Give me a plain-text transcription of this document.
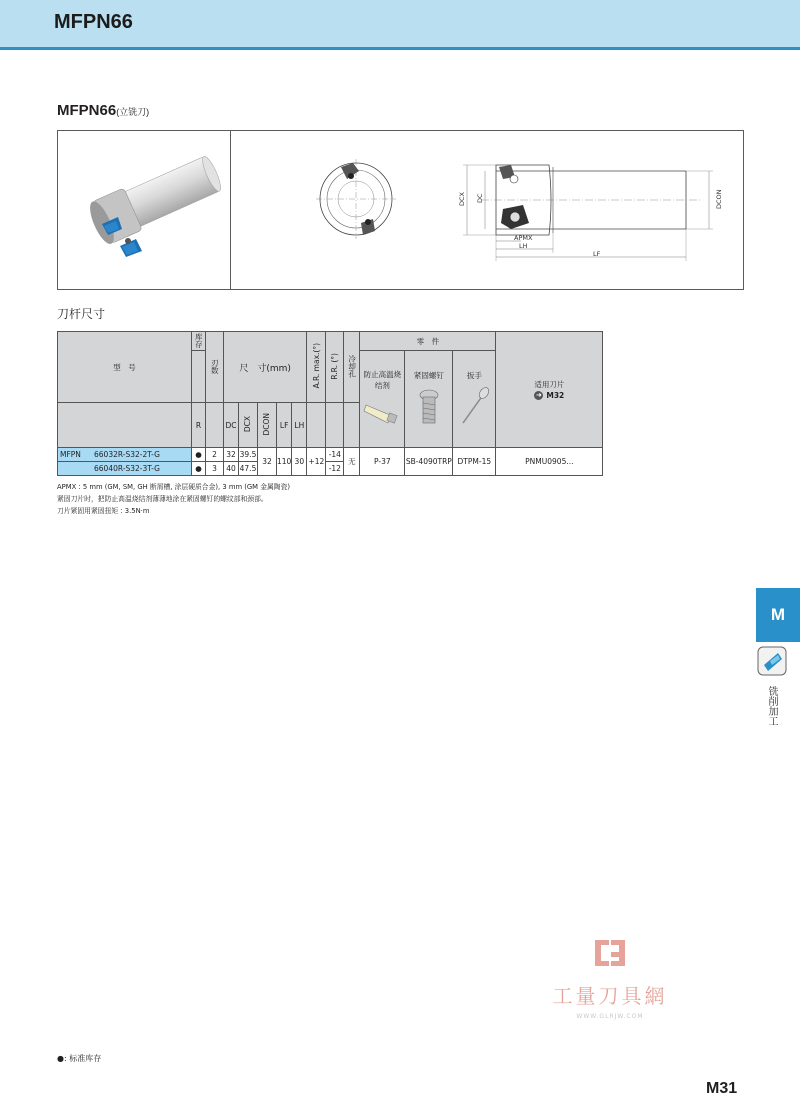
MFPN66
MFPN66(立铣刀)
DCX DC	DCON
APMX
LH
LF
刀杆尺寸
型　号	库存	刃数	尺　寸(mm)					A.R. max.(°)	R.R. (°)	冷却孔	零　件			适用刀片
➜ M32

											防止高温烧结剂	紧固螺钉	扳手	

	R		DC	DCX	DCON	LF	LH							
MFPN 66032R-S32-2T-G	●	2	32	39.5	32	110	30	+12	-14	无	P-37	SB-4090TRP	DTPM-15	PNMU0905...
66040R-S32-3T-G	●	3	40	47.5					-12					
APMX : 5 mm (GM, SM, GH 断屑槽, 涂层硬质合金), 3 mm (GM 金属陶瓷)
紧固刀片时，把防止高温烧结剂薄薄地涂在紧固螺钉的螺纹部和颈部。
刀片紧固用紧固扭矩 : 3.5N·m
M
铣削加工
工量刀具網
WWW.GLRJW.COM
●: 标准库存
M31
